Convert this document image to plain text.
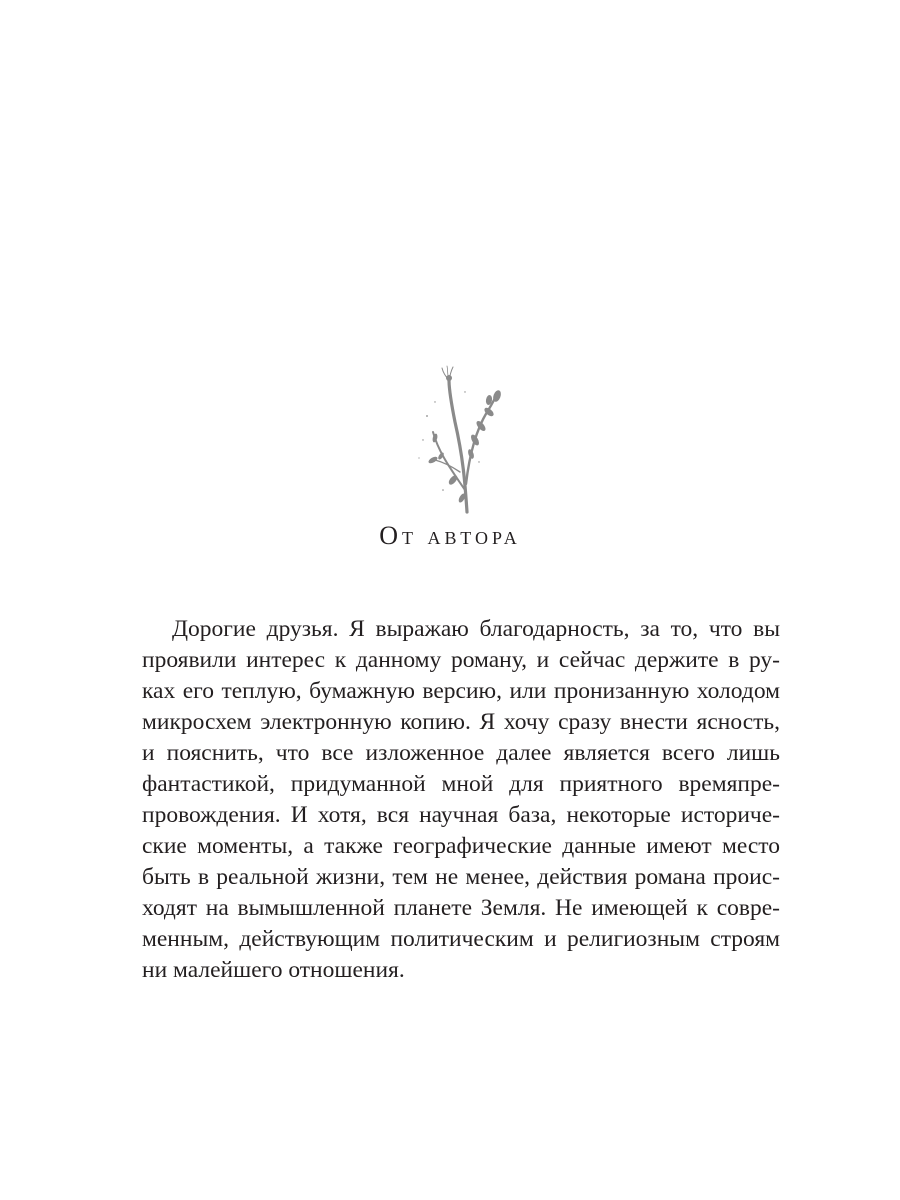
От автора
Дорогие друзья. Я выражаю благодарность, за то, что вы
проявили интерес к данному роману, и сейчас держите в ру-
ках его теплую, бумажную версию, или пронизанную холодом
микросхем электронную копию. Я хочу сразу внести ясность,
и пояснить, что все изложенное далее является всего лишь
фантастикой, придуманной мной для приятного времяпре-
провождения. И хотя, вся научная база, некоторые историче-
ские моменты, а также географические данные имеют место
быть в реальной жизни, тем не менее, действия романа проис-
ходят на вымышленной планете Земля. Не имеющей к совре-
менным, действующим политическим и религиозным строям
ни малейшего отношения.
